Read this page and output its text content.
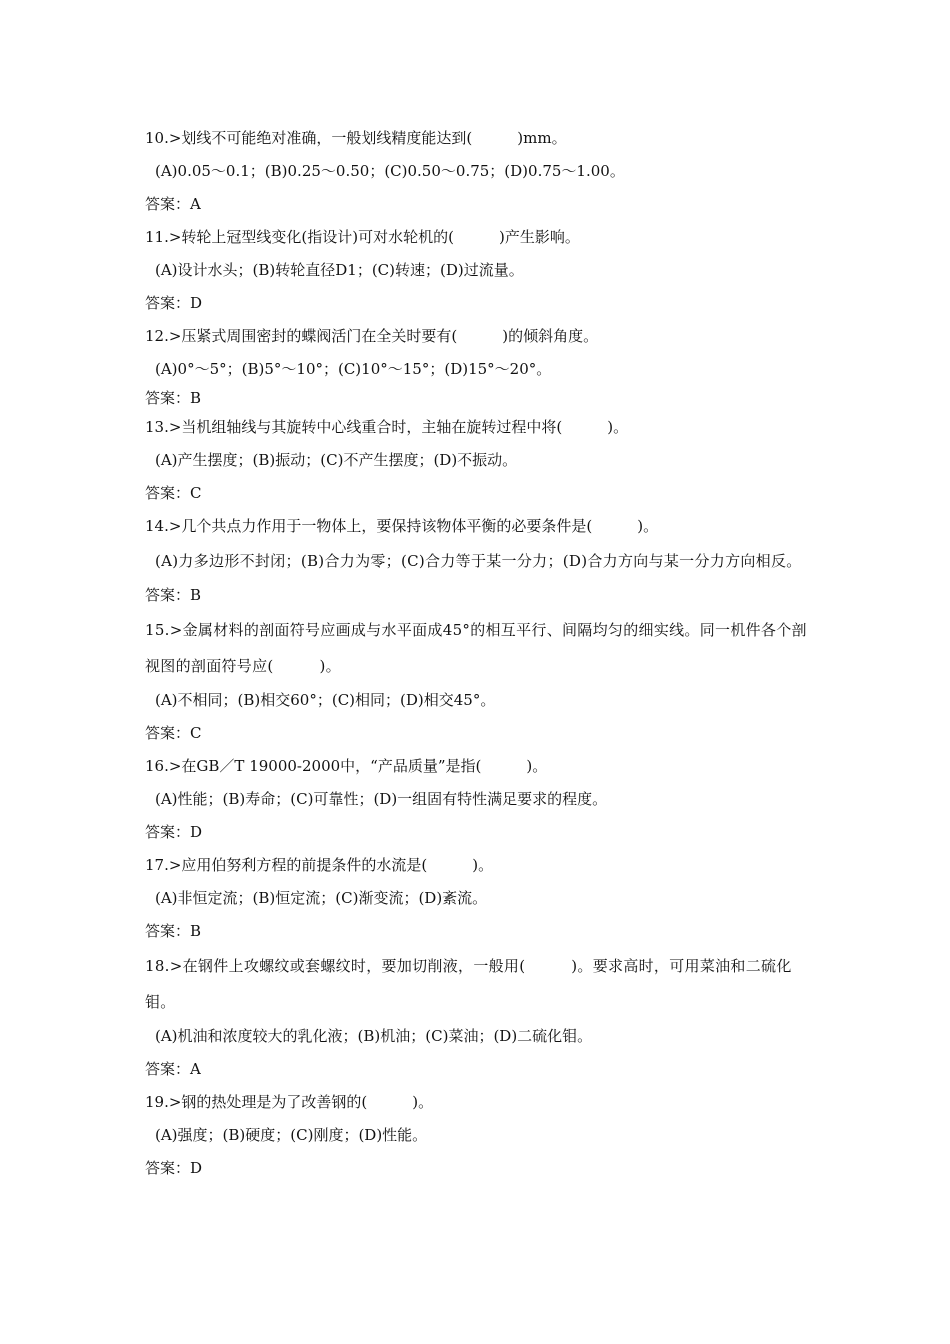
10.>划线不可能绝对准确，一般划线精度能达到(　　　)mm。
(A)0.05～0.1；(B)0.25～0.50；(C)0.50～0.75；(D)0.75～1.00。
答案：A
11.>转轮上冠型线变化(指设计)可对水轮机的(　　　)产生影响。
(A)设计水头；(B)转轮直径D1；(C)转速；(D)过流量。
答案：D
12.>压紧式周围密封的蝶阀活门在全关时要有(　　　)的倾斜角度。
(A)0°～5°；(B)5°～10°；(C)10°～15°；(D)15°～20°。
答案：B
13.>当机组轴线与其旋转中心线重合时，主轴在旋转过程中将(　　　)。
(A)产生摆度；(B)振动；(C)不产生摆度；(D)不振动。
答案：C
14.>几个共点力作用于一物体上，要保持该物体平衡的必要条件是(　　　)。
(A)力多边形不封闭；(B)合力为零；(C)合力等于某一分力；(D)合力方向与某一分力方向相反。
答案：B
15.>金属材料的剖面符号应画成与水平面成45°的相互平行、间隔均匀的细实线。同一机件各个剖视图的剖面符号应(　　　)。
(A)不相同；(B)相交60°；(C)相同；(D)相交45°。
答案：C
16.>在GB／T 19000-2000中，“产品质量”是指(　　　)。
(A)性能；(B)寿命；(C)可靠性；(D)一组固有特性满足要求的程度。
答案：D
17.>应用伯努利方程的前提条件的水流是(　　　)。
(A)非恒定流；(B)恒定流；(C)渐变流；(D)紊流。
答案：B
18.>在钢件上攻螺纹或套螺纹时，要加切削液，一般用(　　　)。要求高时，可用菜油和二硫化钼。
(A)机油和浓度较大的乳化液；(B)机油；(C)菜油；(D)二硫化钼。
答案：A
19.>钢的热处理是为了改善钢的(　　　)。
(A)强度；(B)硬度；(C)刚度；(D)性能。
答案：D
